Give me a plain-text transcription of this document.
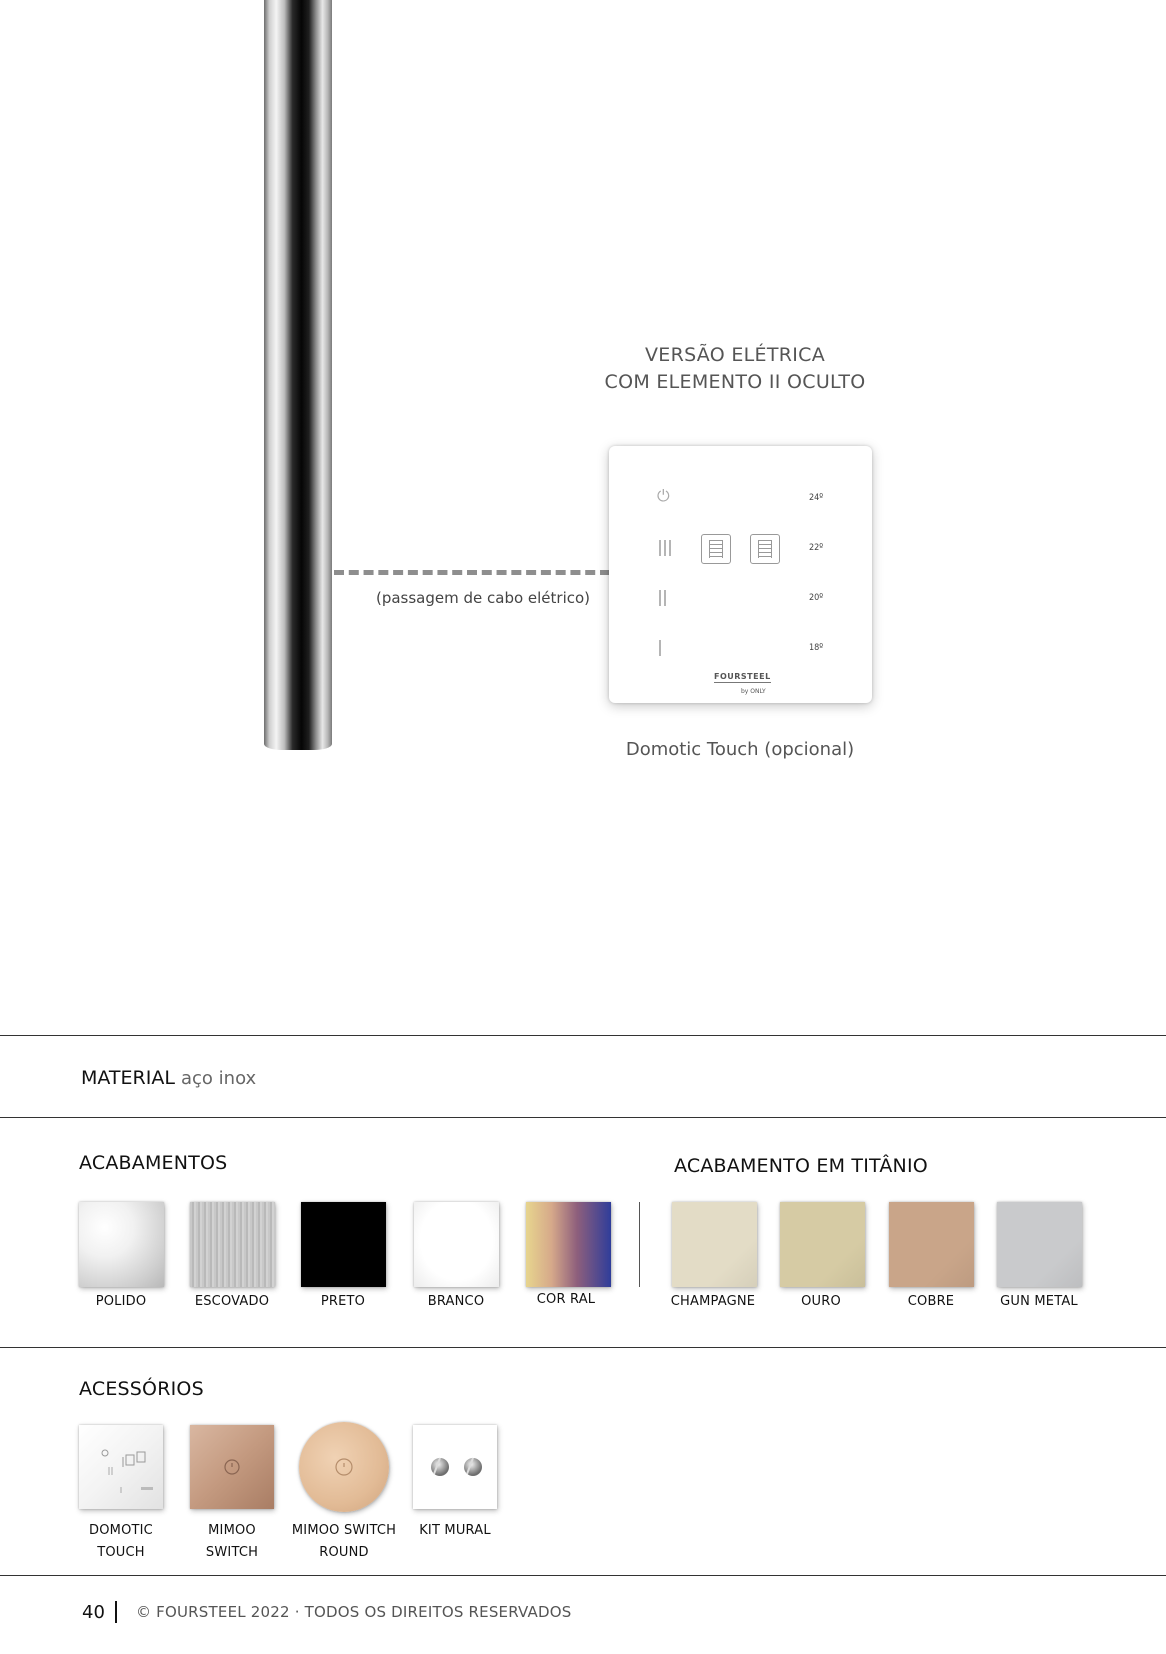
VERSÃO ELÉTRICA
COM ELEMENTO II OCULTO
(passagem de cabo elétrico)
⏻	24º
22º
20º
18º
FOURSTEEL
by ONLY
Domotic Touch (opcional)
MATERIAL aço inox
ACABAMENTOS	ACABAMENTO EM TITÂNIO
POLIDO	ESCOVADO	PRETO	BRANCO	COR RAL	CHAMPAGNE	OURO	COBRE	GUN METAL
ACESSÓRIOS
DOMOTIC
TOUCH
MIMOO
SWITCH
MIMOO SWITCH
ROUND
KIT MURAL
40 © FOURSTEEL 2022 · TODOS OS DIREITOS RESERVADOS
